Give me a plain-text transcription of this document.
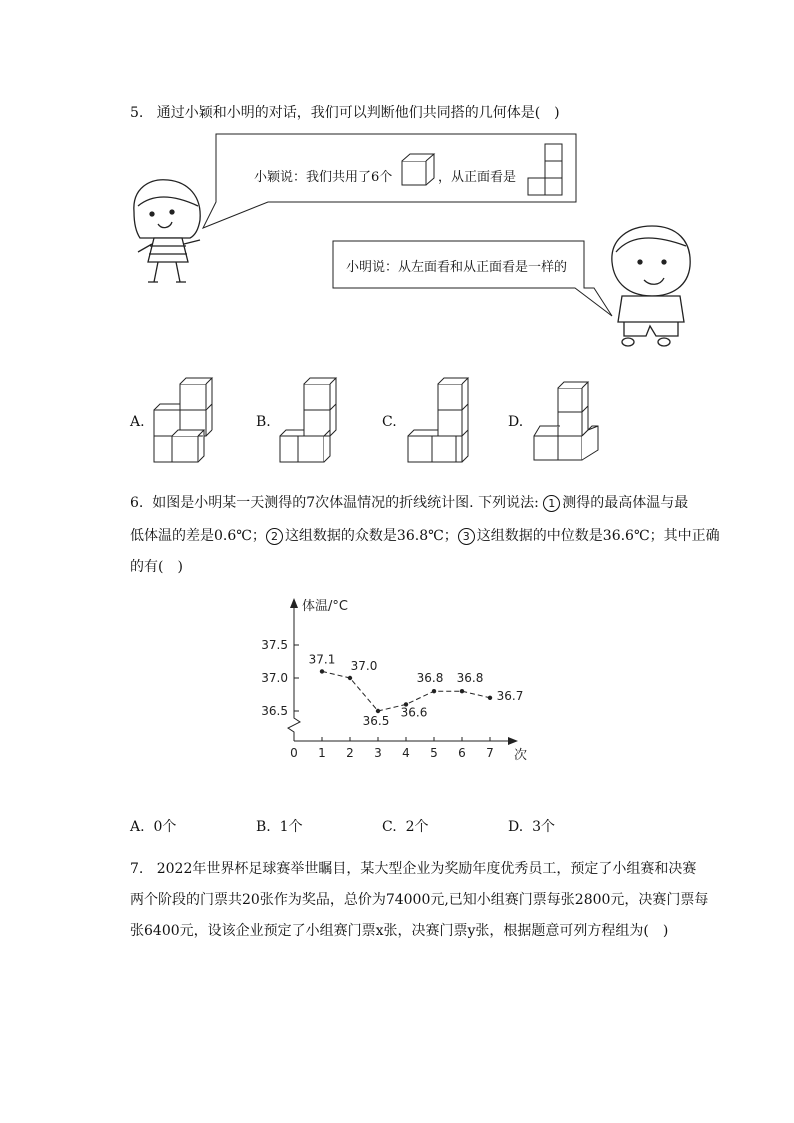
5. 通过小颖和小明的对话，我们可以判断他们共同搭的几何体是(　)
小颖说：我们共用了6个	，从正面看是
小明说：从左面看和从正面看是一样的
A.	B.	C.	D.
6. 如图是小明某一天测得的7次体温情况的折线统计图. 下列说法: 1 测得的最高体温与最
低体温的差是0.6℃； 2 这组数据的众数是36.8℃； 3 这组数据的中位数是36.6℃；其中正确
的有(　)
36.5
37.0
37.5
1 2 3 4 5 6 7
0
体温/°C
次
37.1 37.0
36.5
36.6
36.8 36.8
36.7
A. 0个	B. 1个	C. 2个	D. 3个
7. 2022年世界杯足球赛举世瞩目，某大型企业为奖励年度优秀员工，预定了小组赛和决赛
两个阶段的门票共20张作为奖品，总价为74000元,已知小组赛门票每张2800元，决赛门票每
张6400元，设该企业预定了小组赛门票x张，决赛门票y张，根据题意可列方程组为(　)
